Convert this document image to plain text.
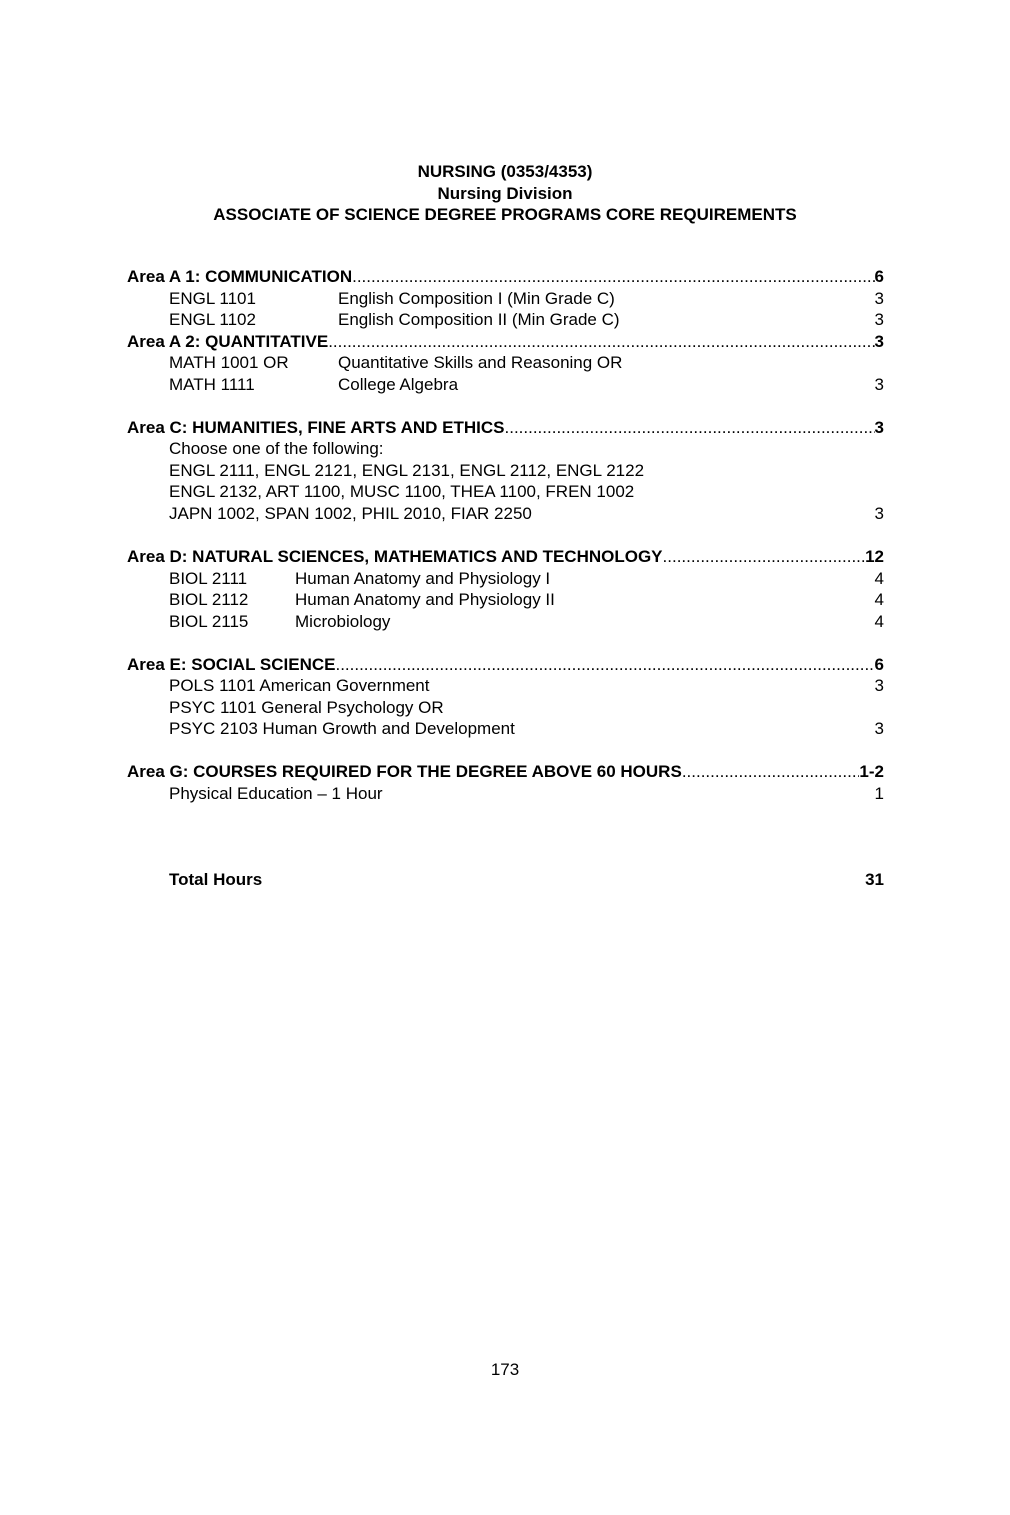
NURSING (0353/4353)
Nursing Division
ASSOCIATE OF SCIENCE DEGREE PROGRAMS CORE REQUIREMENTS
Area A 1: COMMUNICATION .....	6
ENGL 1101	English Composition I (Min Grade C)	3
ENGL 1102	English Composition II (Min Grade C)	3
Area A 2: QUANTITATIVE .....	3
MATH 1001 OR	Quantitative Skills and Reasoning OR
MATH 1111	College Algebra	3
Area C: HUMANITIES, FINE ARTS AND ETHICS .....	3
Choose one of the following:
ENGL 2111, ENGL 2121, ENGL 2131, ENGL 2112, ENGL 2122
ENGL 2132, ART 1100, MUSC 1100, THEA 1100, FREN 1002
JAPN 1002, SPAN 1002, PHIL 2010, FIAR 2250	3
Area D: NATURAL SCIENCES, MATHEMATICS AND TECHNOLOGY .....	12
BIOL 2111	Human Anatomy and Physiology I	4
BIOL 2112	Human Anatomy and Physiology II	4
BIOL 2115	Microbiology	4
Area E: SOCIAL SCIENCE .....	6
POLS 1101 American Government	3
PSYC 1101 General Psychology OR
PSYC 2103 Human Growth and Development	3
Area G: COURSES REQUIRED FOR THE DEGREE ABOVE 60 HOURS .....	1-2
Physical Education – 1 Hour	1
Total Hours	31
173
